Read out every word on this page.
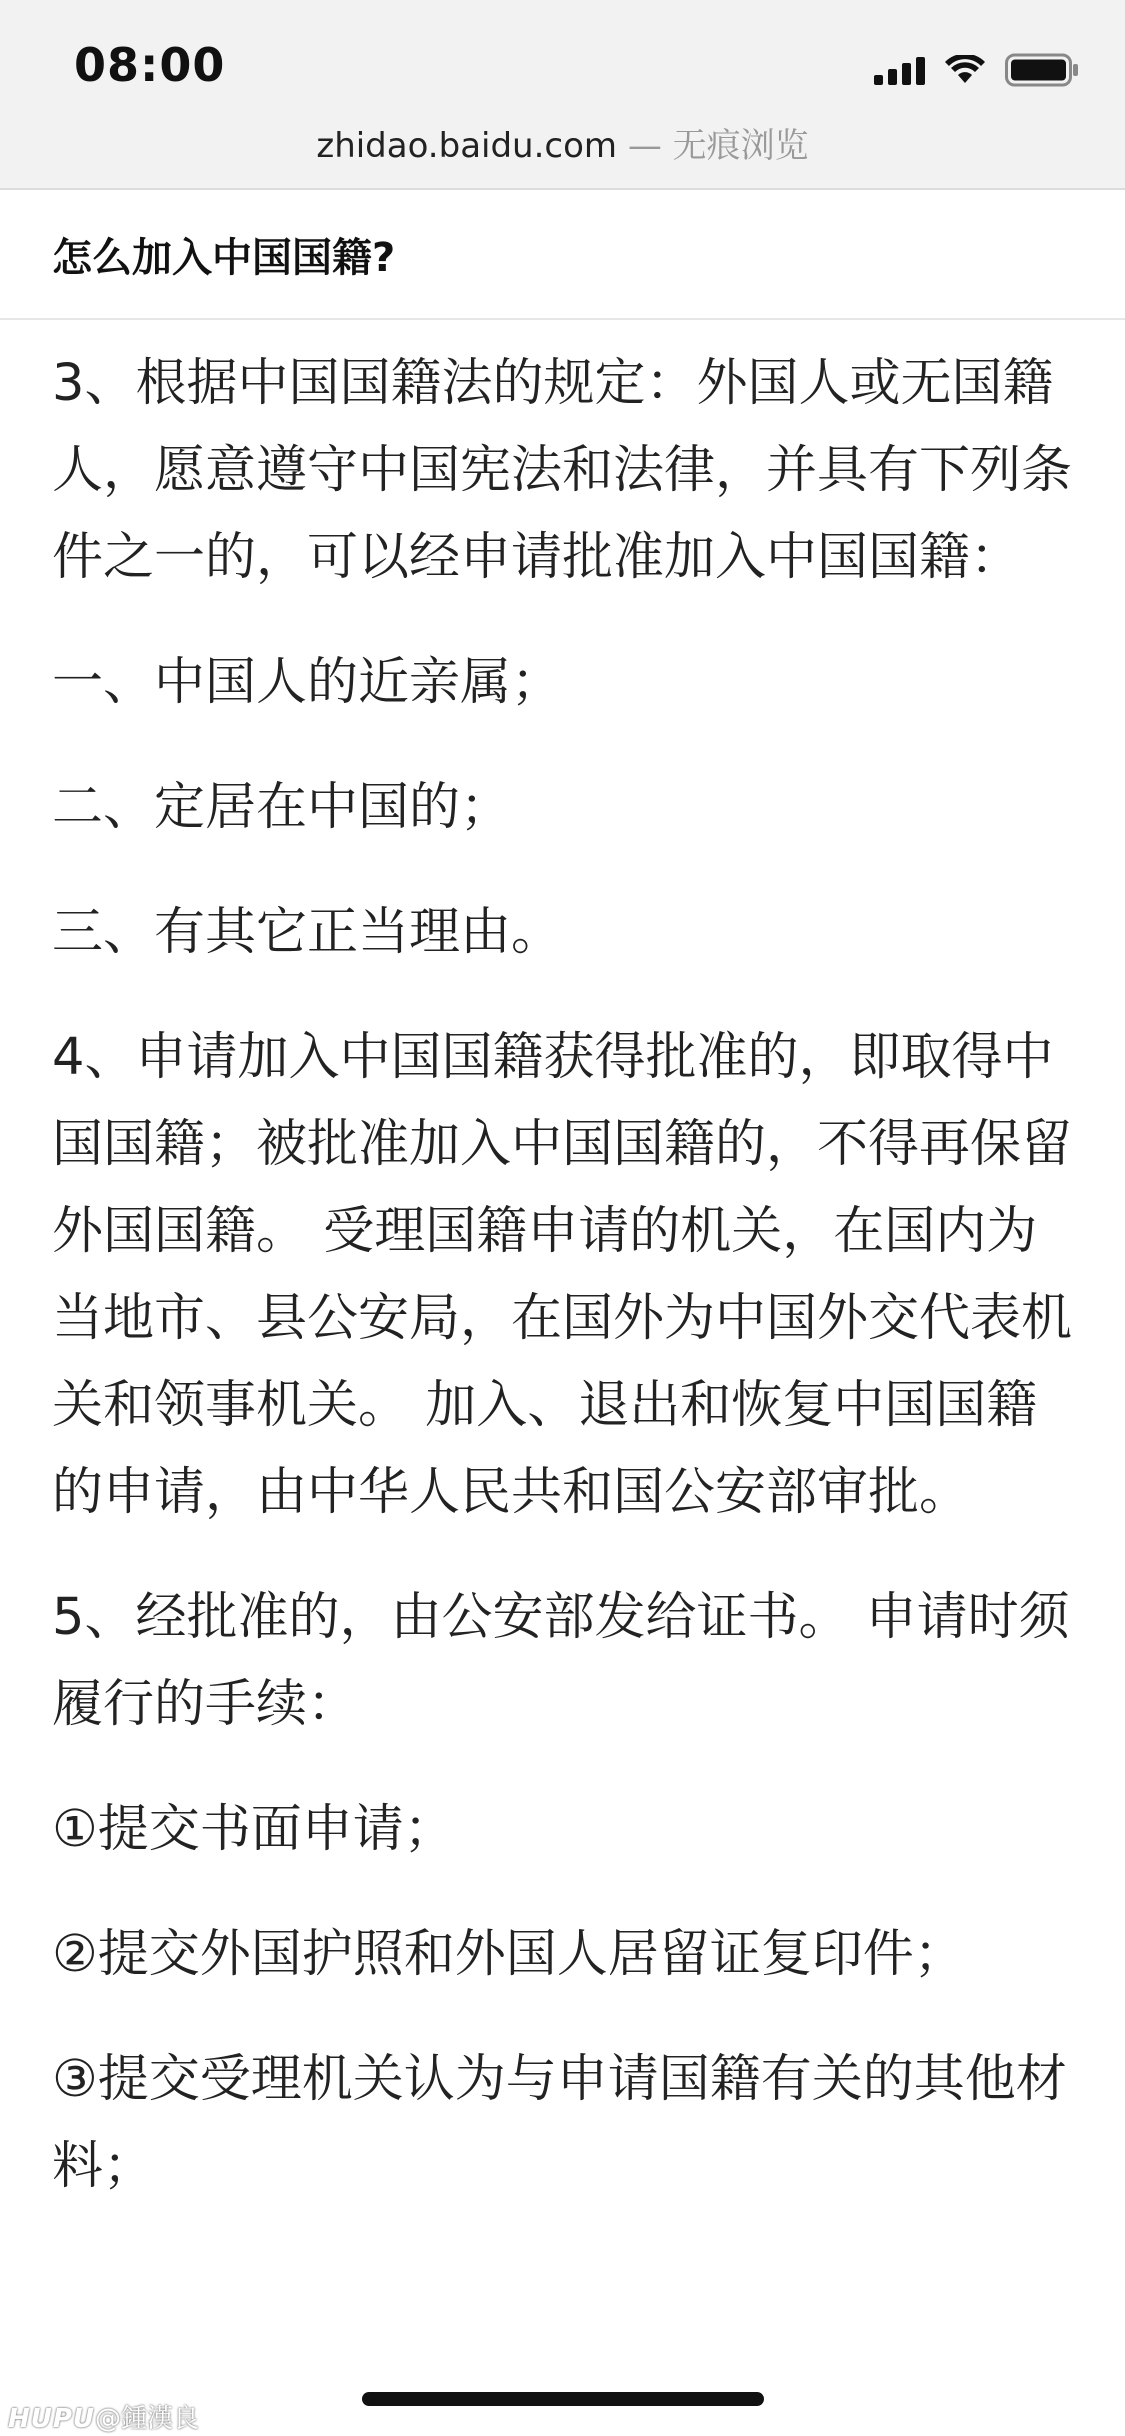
08:00
zhidao.baidu.com — 无痕浏览
怎么加入中国国籍?

3、根据中国国籍法的规定：外国人或无国籍人，愿意遵守中国宪法和法律，并具有下列条件之一的，可以经申请批准加入中国国籍：

一、中国人的近亲属；

二、定居在中国的；

三、有其它正当理由。

4、申请加入中国国籍获得批准的，即取得中国国籍；被批准加入中国国籍的，不得再保留外国国籍。 受理国籍申请的机关，在国内为当地市、县公安局，在国外为中国外交代表机关和领事机关。 加入、退出和恢复中国国籍的申请，由中华人民共和国公安部审批。

5、经批准的，由公安部发给证书。 申请时须履行的手续：

①提交书面申请；

②提交外国护照和外国人居留证复印件；

③提交受理机关认为与申请国籍有关的其他材料；

HUPU@鍾漢良
